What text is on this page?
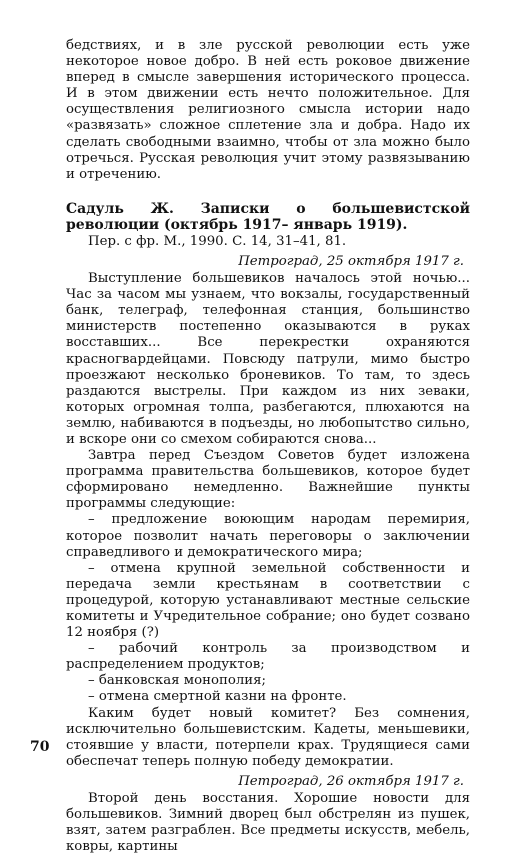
бедствиях, и в зле русской революции есть уже некоторое новое добро. В ней есть роковое движение вперед в смысле завершения исторического процесса. И в этом движении есть нечто положительное. Для осуществления религиозного смысла истории надо «развязать» сложное сплетение зла и добра. Надо их сделать свободными взаимно, чтобы от зла можно было отречься. Русская революция учит этому развязыванию и отречению.

Садуль Ж. Записки о большевистской революции (октябрь 1917– январь 1919).

Пер. с фр. М., 1990. С. 14, 31–41, 81.

Петроград, 25 октября 1917 г.

Выступление большевиков началось этой ночью... Час за часом мы узнаем, что вокзалы, государственный банк, телеграф, телефонная станция, большинство министерств постепенно оказываются в руках восставших... Все перекрестки охраняются красногвардейцами. Повсюду патрули, мимо быстро проезжают несколько броневиков. То там, то здесь раздаются выстрелы. При каждом из них зеваки, которых огромная толпа, разбегаются, плюхаются на землю, набиваются в подъезды, но любопытство сильно, и вскоре они со смехом собираются снова...

Завтра перед Съездом Советов будет изложена программа правительства большевиков, которое будет сформировано немедленно. Важнейшие пункты программы следующие:

– предложение воюющим народам перемирия, которое позволит начать переговоры о заключении справедливого и демократического мира;

– отмена крупной земельной собственности и передача земли крестьянам в соответствии с процедурой, которую устанавливают местные сельские комитеты и Учредительное собрание; оно будет созвано 12 ноября (?)

– рабочий контроль за производством и распределением продуктов;

– банковская монополия;

– отмена смертной казни на фронте.

Каким будет новый комитет? Без сомнения, исключительно большевистским. Кадеты, меньшевики, стоявшие у власти, потерпели крах. Трудящиеся сами обеспечат теперь полную победу демократии.

Петроград, 26 октября 1917 г.

Второй день восстания. Хорошие новости для большевиков. Зимний дворец был обстрелян из пушек, взят, затем разграблен. Все предметы искусств, мебель, ковры, картины

70
